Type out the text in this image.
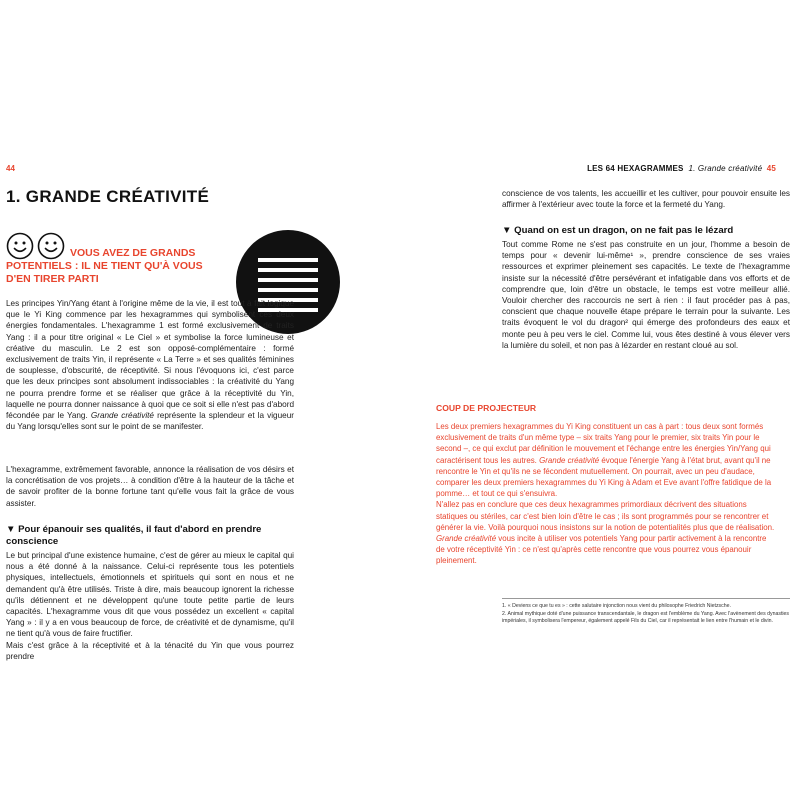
44
1. GRANDE CRÉATIVITÉ
VOUS AVEZ DE GRANDS POTENTIELS : IL NE TIENT QU'À VOUS D'EN TIRER PARTI

Les principes Yin/Yang étant à l'origine même de la vie, il est tout à fait logique que le Yi King commence par les hexagrammes qui symbolisent ces deux énergies fondamentales. L'hexagramme 1 est formé exclusivement de traits Yang : il a pour titre original « Le Ciel » et symbolise la force lumineuse et créative du masculin. Le 2 est son opposé-complémentaire : formé exclusivement de traits Yin, il représente « La Terre » et ses qualités féminines de souplesse, d'obscurité, de réceptivité. Si nous l'évoquons ici, c'est parce que les deux principes sont absolument indissociables : la créativité du Yang ne pourra prendre forme et se réaliser que grâce à la réceptivité du Yin, laquelle ne pourra donner naissance à quoi que ce soit si elle n'est pas d'abord fécondée par le Yang. Grande créativité représente la splendeur et la vigueur du Yang lorsqu'elles sont sur le point de se manifester.

L'hexagramme, extrêmement favorable, annonce la réalisation de vos désirs et la concrétisation de vos projets… à condition d'être à la hauteur de la tâche et de savoir profiter de la bonne fortune tant qu'elle vous fait la grâce de vous assister.

▼ Pour épanouir ses qualités, il faut d'abord en prendre conscience

Le but principal d'une existence humaine, c'est de gérer au mieux le capital qui nous a été donné à la naissance. Celui-ci représente tous les potentiels physiques, intellectuels, émotionnels et spirituels qui sont en nous et ne demandent qu'à être utilisés. Triste à dire, mais beaucoup ignorent la richesse qu'ils détiennent et ne développent qu'une toute petite partie de leurs capacités. L'hexagramme vous dit que vous possédez un excellent « capital Yang » : il y a en vous beaucoup de force, de créativité et de dynamisme, qu'il ne tient qu'à vous de faire fructifier.

Mais c'est grâce à la réceptivité et à la ténacité du Yin que vous pourrez prendre

LES 64 HEXAGRAMMES 1. Grande créativité 45

conscience de vos talents, les accueillir et les cultiver, pour pouvoir ensuite les affirmer à l'extérieur avec toute la force et la fermeté du Yang.

▼ Quand on est un dragon, on ne fait pas le lézard

Tout comme Rome ne s'est pas construite en un jour, l'homme a besoin de temps pour « devenir lui-même¹ », prendre conscience de ses vraies ressources et exprimer pleinement ses capacités. Le texte de l'hexagramme insiste sur la nécessité d'être persévérant et infatigable dans vos efforts et de comprendre que, loin d'être un obstacle, le temps est votre meilleur allié. Vouloir chercher des raccourcis ne sert à rien : il faut procéder pas à pas, conscient que chaque nouvelle étape prépare le terrain pour la suivante. Les traits évoquent le vol du dragon² qui émerge des profondeurs des eaux et monte peu à peu vers le ciel. Comme lui, vous êtes destiné à vous élever vers la lumière du soleil, et non pas à lézarder en restant cloué au sol.

COUP DE PROJECTEUR

Les deux premiers hexagrammes du Yi King constituent un cas à part : tous deux sont formés exclusivement de traits d'un même type – six traits Yang pour le premier, six traits Yin pour le second –, ce qui exclut par définition le mouvement et l'échange entre les énergies Yin/Yang qui caractérisent tous les autres. Grande créativité évoque l'énergie Yang à l'état brut, avant qu'il ne rencontre le Yin et qu'ils ne se fécondent mutuellement. On pourrait, avec un peu d'audace, comparer les deux premiers hexagrammes du Yi King à Adam et Eve avant l'offre fatidique de la pomme… et tout ce qui s'ensuivra.

N'allez pas en conclure que ces deux hexagrammes primordiaux décrivent des situations statiques ou stériles, car c'est bien loin d'être le cas ; ils sont programmés pour se rencontrer et générer la vie. Voilà pourquoi nous insistons sur la notion de potentialités plus que de réalisation. Grande créativité vous incite à utiliser vos potentiels Yang pour partir activement à la rencontre de votre réceptivité Yin : ce n'est qu'après cette rencontre que vous pourrez vous épanouir pleinement.

1. « Deviens ce que tu es » : cette salutaire injonction nous vient du philosophe Friedrich Nietzsche.

2. Animal mythique doté d'une puissance transcendantale, le dragon est l'emblème du Yang. Avec l'avènement des dynasties impériales, il symbolisera l'empereur, également appelé Fils du Ciel, car il représentait le lien entre l'humain et le divin.
